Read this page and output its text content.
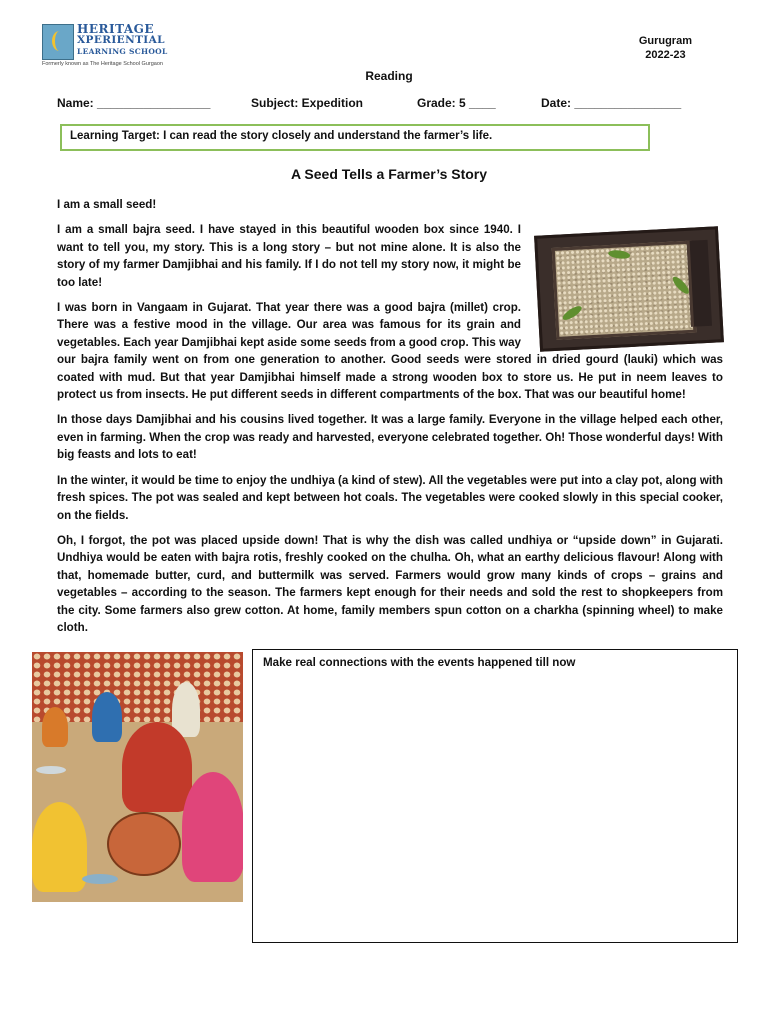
HERITAGE
XPERIENTIAL
LEARNING SCHOOL
Formerly known as The Heritage School Gurgaon
Gurugram
2022-23
Reading
Name: _________________	Subject: Expedition	Grade: 5 ____	Date: ________________
Learning Target: I can read the story closely and understand the farmer’s life.
A Seed Tells a Farmer’s Story

I am a small seed!

I am a small bajra seed. I have stayed in this beautiful wooden box since 1940. I want to tell you, my story. This is a long story – but not mine alone. It is also the story of my farmer Damjibhai and his family. If I do not tell my story now, it might be too late!

I was born in Vangaam in Gujarat. That year there was a good bajra (millet) crop. There was a festive mood in the village. Our area was famous for its grain and vegetables. Each year Damjibhai kept aside some seeds from a good crop. This way our bajra family went on from one generation to another. Good seeds were stored in dried gourd (lauki) which was coated with mud. But that year Damjibhai himself made a strong wooden box to store us. He put in neem leaves to protect us from insects. He put different seeds in different compartments of the box. That was our beautiful home!

In those days Damjibhai and his cousins lived together. It was a large family. Everyone in the village helped each other, even in farming. When the crop was ready and harvested, everyone celebrated together. Oh! Those wonderful days! With big feasts and lots to eat!

In the winter, it would be time to enjoy the undhiya (a kind of stew). All the vegetables were put into a clay pot, along with fresh spices. The pot was sealed and kept between hot coals. The vegetables were cooked slowly in this special cooker, on the fields.

Oh, I forgot, the pot was placed upside down! That is why the dish was called undhiya or “upside down” in Gujarati. Undhiya would be eaten with bajra rotis, freshly cooked on the chulha. Oh, what an earthy delicious flavour! Along with that, homemade butter, curd, and buttermilk was served. Farmers would grow many kinds of crops – grains and vegetables – according to the season. The farmers kept enough for their needs and sold the rest to shopkeepers from the city. Some farmers also grew cotton. At home, family members spun cotton on a charkha (spinning wheel) to make cloth.

Make real connections with the events happened till now
